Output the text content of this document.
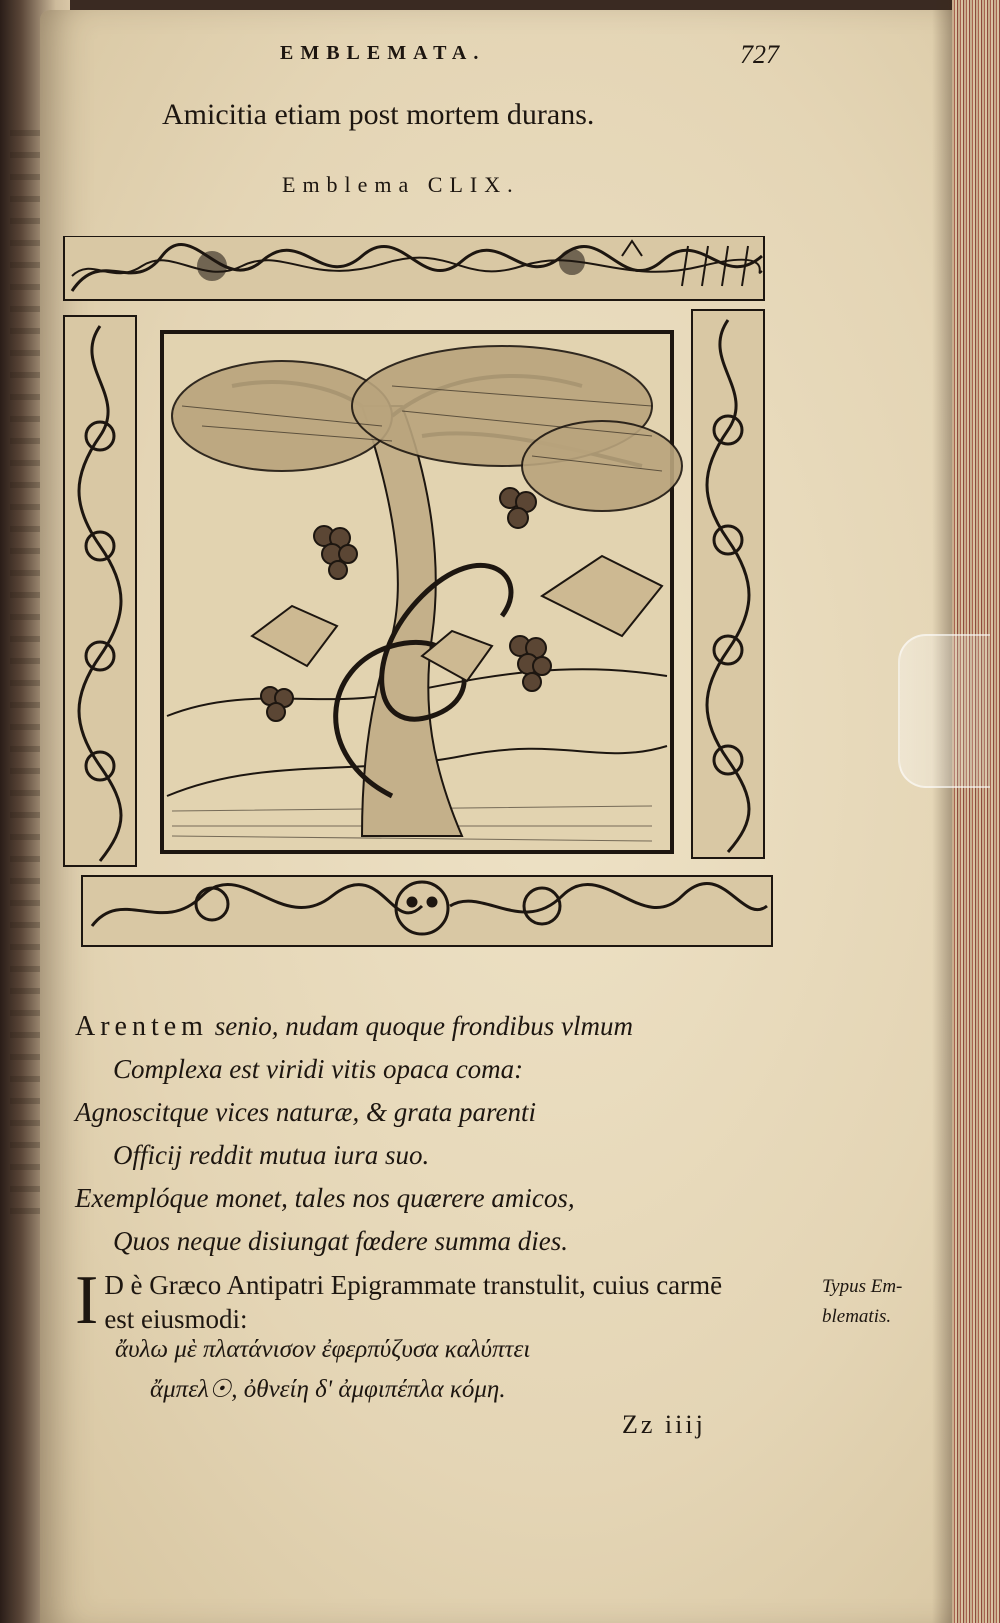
EMBLEMATA.	727
Amicitia etiam post mortem durans.
Emblema CLIX.
Arentem senio, nudam quoque frondibus vlmum
Complexa est viridi vitis opaca coma:
Agnoscitque vices naturæ, & grata parenti
Officij reddit mutua iura suo.
Exemplóque monet, tales nos quærere amicos,
Quos neque disiungat fœdere summa dies.
I D è Græco Antipatri Epigrammate transtulit, cuius carmē
est eiusmodi:
ἄυλω μὲ πλατάνισον ἐφερπύζυσα καλύπτει
ἄμπελ☉, ὀθνείη δ' ἀμφιπέπλα κόμη.
Zz iiij
Typus Em-
blematis.
